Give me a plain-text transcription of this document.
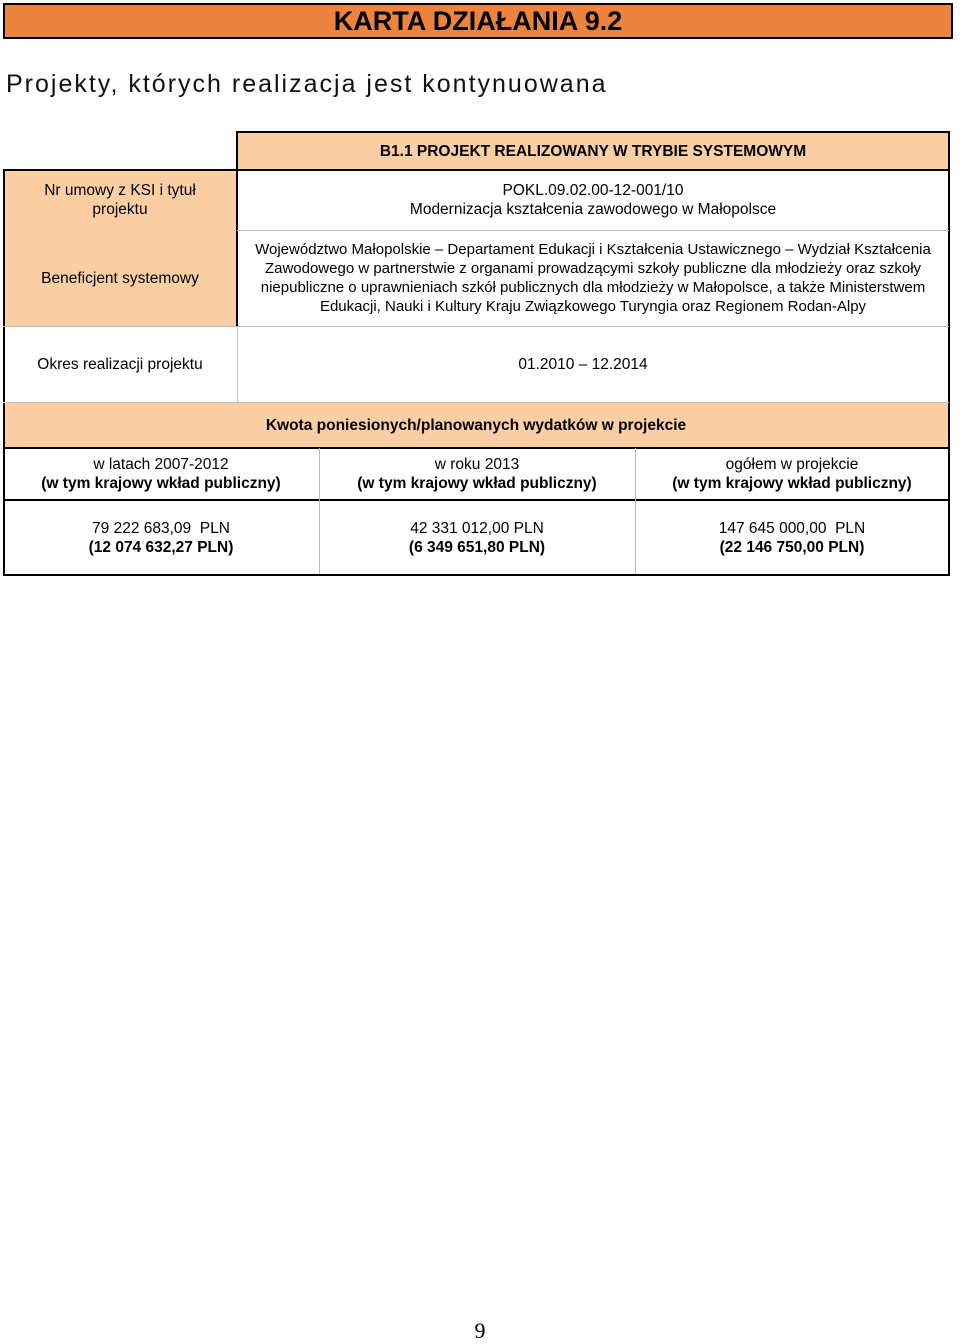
KARTA DZIAŁANIA 9.2
Projekty, których realizacja jest kontynuowana
B1.1 PROJEKT REALIZOWANY W TRYBIE SYSTEMOWYM
Nr umowy z KSI i tytuł projektu
Beneficjent systemowy
POKL.09.02.00-12-001/10
Modernizacja kształcenia zawodowego w Małopolsce
Województwo Małopolskie – Departament Edukacji i Kształcenia Ustawicznego – Wydział Kształcenia Zawodowego w partnerstwie z organami prowadzącymi szkoły publiczne dla młodzieży oraz szkoły niepubliczne o uprawnieniach szkół publicznych dla młodzieży w Małopolsce, a także Ministerstwem Edukacji, Nauki i Kultury Kraju Związkowego Turyngia oraz Regionem Rodan-Alpy
Okres realizacji projektu	01.2010 – 12.2014
Kwota poniesionych/planowanych wydatków w projekcie
w latach 2007-2012
(w tym krajowy wkład publiczny)
w roku 2013
(w tym krajowy wkład publiczny)
ogółem w projekcie
(w tym krajowy wkład publiczny)
79 222 683,09  PLN
(12 074 632,27 PLN)
42 331 012,00 PLN
(6 349 651,80 PLN)
147 645 000,00  PLN
(22 146 750,00 PLN)
9
